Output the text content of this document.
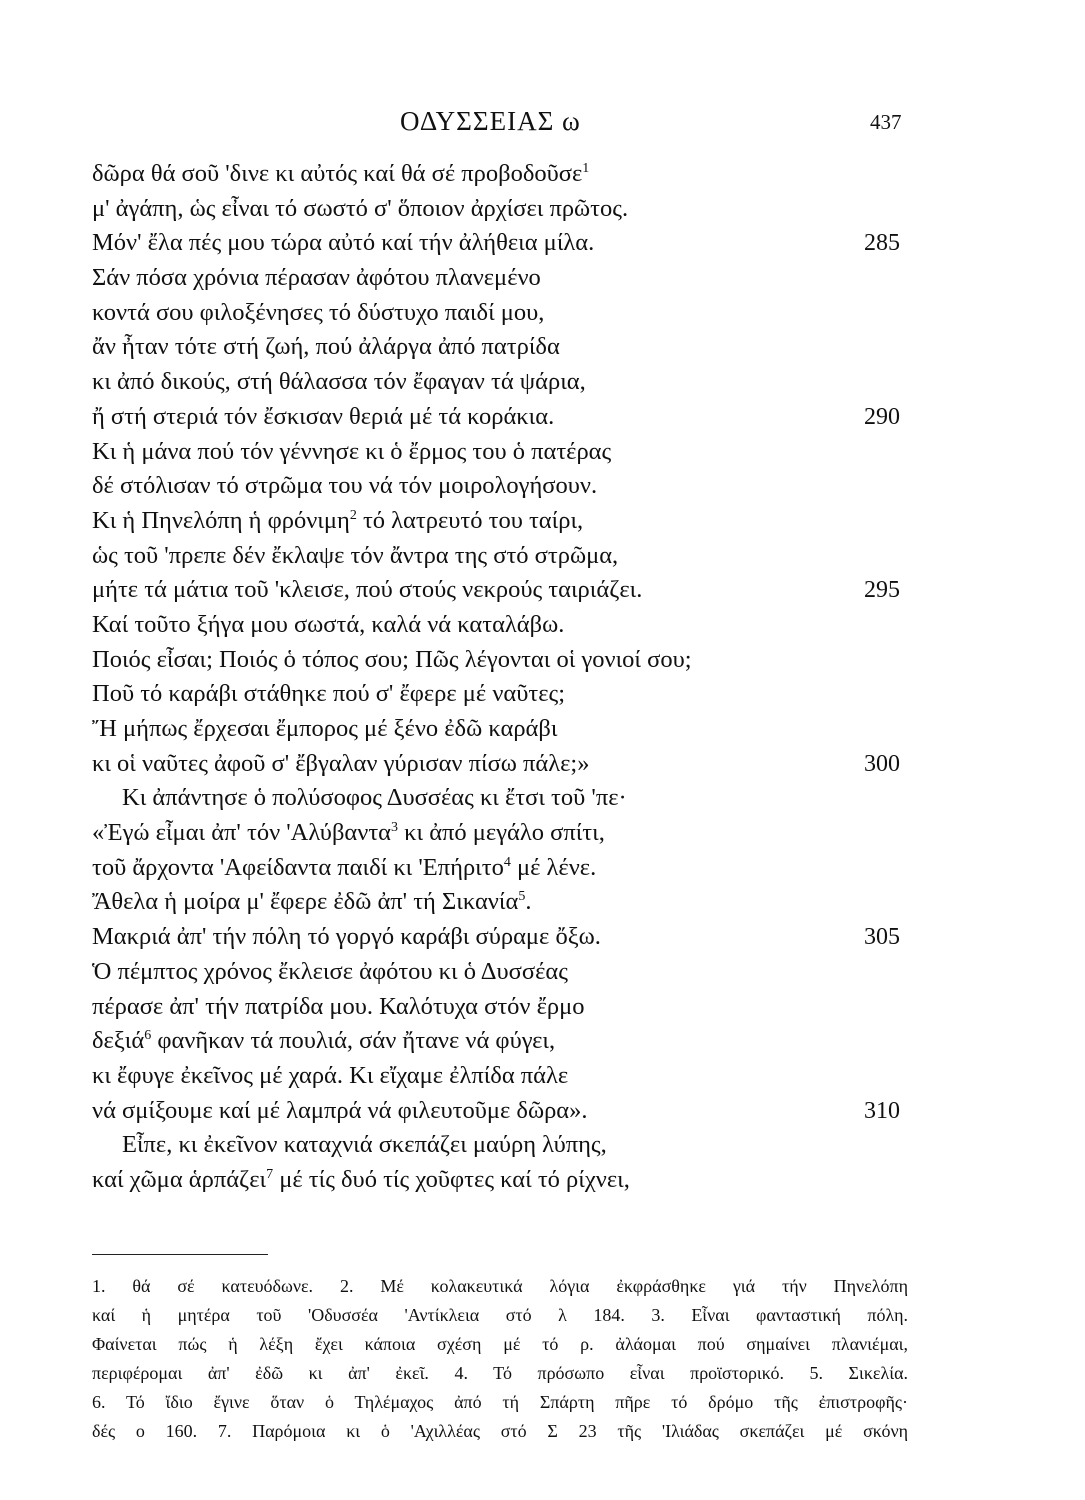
ΟΔΥΣΣΕΙΑΣ ω	437
δῶρα θά σοῦ 'δινε κι αὐτός καί θά σέ προβοδοῦσε$^1$
μ' ἀγάπη, ὡς εἶναι τό σωστό σ' ὅποιον ἀρχίσει πρῶτος.
Μόν' ἔλα πές μου τώρα αὐτό καί τήν ἀλήθεια μίλα.	285
Σάν πόσα χρόνια πέρασαν ἀφότου πλανεμένο
κοντά σου φιλοξένησες τό δύστυχο παιδί μου,
ἄν ἦταν τότε στή ζωή, πού ἀλάργα ἀπό πατρίδα
κι ἀπό δικούς, στή θάλασσα τόν ἔφαγαν τά ψάρια,
ἤ στή στεριά τόν ἔσκισαν θεριά μέ τά κοράκια.	290
Κι ἡ μάνα πού τόν γέννησε κι ὁ ἔρμος του ὁ πατέρας
δέ στόλισαν τό στρῶμα του νά τόν μοιρολογήσουν.
Κι ἡ Πηνελόπη ἡ φρόνιμη$^2$ τό λατρευτό του ταίρι,
ὡς τοῦ 'πρεπε δέν ἔκλαψε τόν ἄντρα της στό στρῶμα,
μήτε τά μάτια τοῦ 'κλεισε, πού στούς νεκρούς ταιριάζει.	295
Καί τοῦτο ξήγα μου σωστά, καλά νά καταλάβω.
Ποιός εἶσαι; Ποιός ὁ τόπος σου; Πῶς λέγονται οἱ γονιοί σου;
Ποῦ τό καράβι στάθηκε πού σ' ἔφερε μέ ναῦτες;
Ἤ μήπως ἔρχεσαι ἔμπορος μέ ξένο ἐδῶ καράβι
κι οἱ ναῦτες ἀφοῦ σ' ἔβγαλαν γύρισαν πίσω πάλε;»	300
Κι ἀπάντησε ὁ πολύσοφος Δυσσέας κι ἔτσι τοῦ 'πε·
«Ἐγώ εἶμαι ἀπ' τόν 'Αλύβαντα$^3$ κι ἀπό μεγάλο σπίτι,
τοῦ ἄρχοντα 'Αφείδαντα παιδί κι 'Επήριτο$^4$ μέ λένε.
Ἄθελα ἡ μοίρα μ' ἔφερε ἐδῶ ἀπ' τή Σικανία$^5$.
Μακριά ἀπ' τήν πόλη τό γοργό καράβι σύραμε ὄξω.	305
Ὁ πέμπτος χρόνος ἔκλεισε ἀφότου κι ὁ Δυσσέας
πέρασε ἀπ' τήν πατρίδα μου. Καλότυχα στόν ἔρμο
δεξιά$^6$ φανῆκαν τά πουλιά, σάν ἤτανε νά φύγει,
κι ἔφυγε ἐκεῖνος μέ χαρά. Κι εἴχαμε ἐλπίδα πάλε
νά σμίξουμε καί μέ λαμπρά νά φιλευτοῦμε δῶρα».	310
Εἶπε, κι ἐκεῖνον καταχνιά σκεπάζει μαύρη λύπης,
καί χῶμα ἁρπάζει$^7$ μέ τίς δυό τίς χοῦφτες καί τό ρίχνει,
1. θά σέ κατευόδωνε. 2. Μέ κολακευτικά λόγια ἐκφράσθηκε γιά τήν Πηνελόπη
καί ἡ μητέρα τοῦ 'Οδυσσέα 'Αντίκλεια στό λ 184. 3. Εἶναι φανταστική πόλη.
Φαίνεται πώς ἡ λέξη ἔχει κάποια σχέση μέ τό ρ. ἀλάομαι πού σημαίνει πλανιέμαι,
περιφέρομαι ἀπ' ἐδῶ κι ἀπ' ἐκεῖ. 4. Τό πρόσωπο εἶναι προϊστορικό. 5. Σικελία.
6. Τό ἴδιο ἔγινε ὅταν ὁ Τηλέμαχος ἀπό τή Σπάρτη πῆρε τό δρόμο τῆς ἐπιστροφῆς·
δές ο 160. 7. Παρόμοια κι ὁ 'Αχιλλέας στό Σ 23 τῆς 'Ιλιάδας σκεπάζει μέ σκόνη
